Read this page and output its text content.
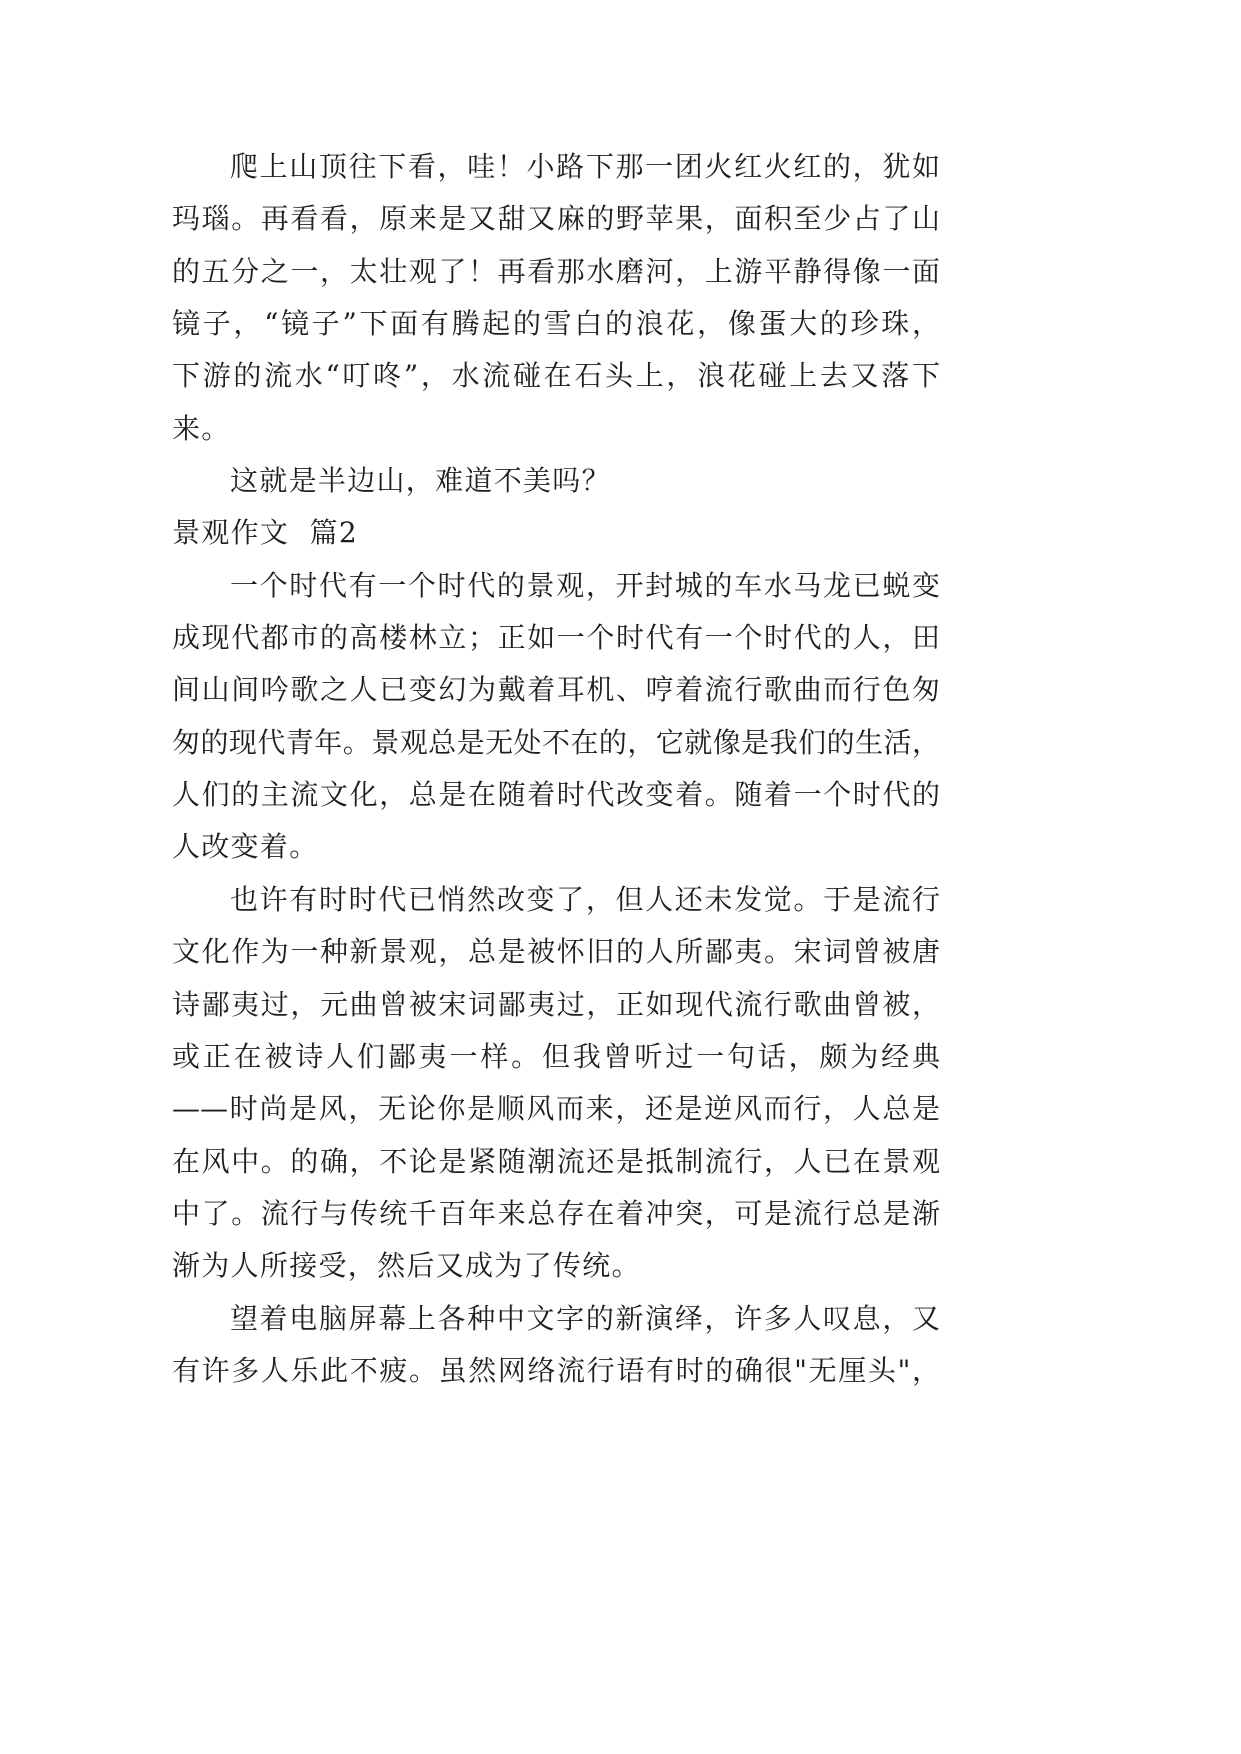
爬上山顶往下看，哇！小路下那一团火红火红的，犹如
玛瑙。再看看，原来是又甜又麻的野苹果，面积至少占了山
的五分之一，太壮观了！再看那水磨河，上游平静得像一面
镜子，“镜子”下面有腾起的雪白的浪花，像蛋大的珍珠，
下游的流水“叮咚”，水流碰在石头上，浪花碰上去又落下
来。
这就是半边山，难道不美吗？
景观作文  篇2
一个时代有一个时代的景观，开封城的车水马龙已蜕变
成现代都市的高楼林立；正如一个时代有一个时代的人，田
间山间吟歌之人已变幻为戴着耳机、哼着流行歌曲而行色匆
匆的现代青年。景观总是无处不在的，它就像是我们的生活，
人们的主流文化，总是在随着时代改变着。随着一个时代的
人改变着。
也许有时时代已悄然改变了，但人还未发觉。于是流行
文化作为一种新景观，总是被怀旧的人所鄙夷。宋词曾被唐
诗鄙夷过，元曲曾被宋词鄙夷过，正如现代流行歌曲曾被，
或正在被诗人们鄙夷一样。但我曾听过一句话，颇为经典
——时尚是风，无论你是顺风而来，还是逆风而行，人总是
在风中。的确，不论是紧随潮流还是抵制流行，人已在景观
中了。流行与传统千百年来总存在着冲突，可是流行总是渐
渐为人所接受，然后又成为了传统。
望着电脑屏幕上各种中文字的新演绎，许多人叹息，又
有许多人乐此不疲。虽然网络流行语有时的确很"无厘头"，
